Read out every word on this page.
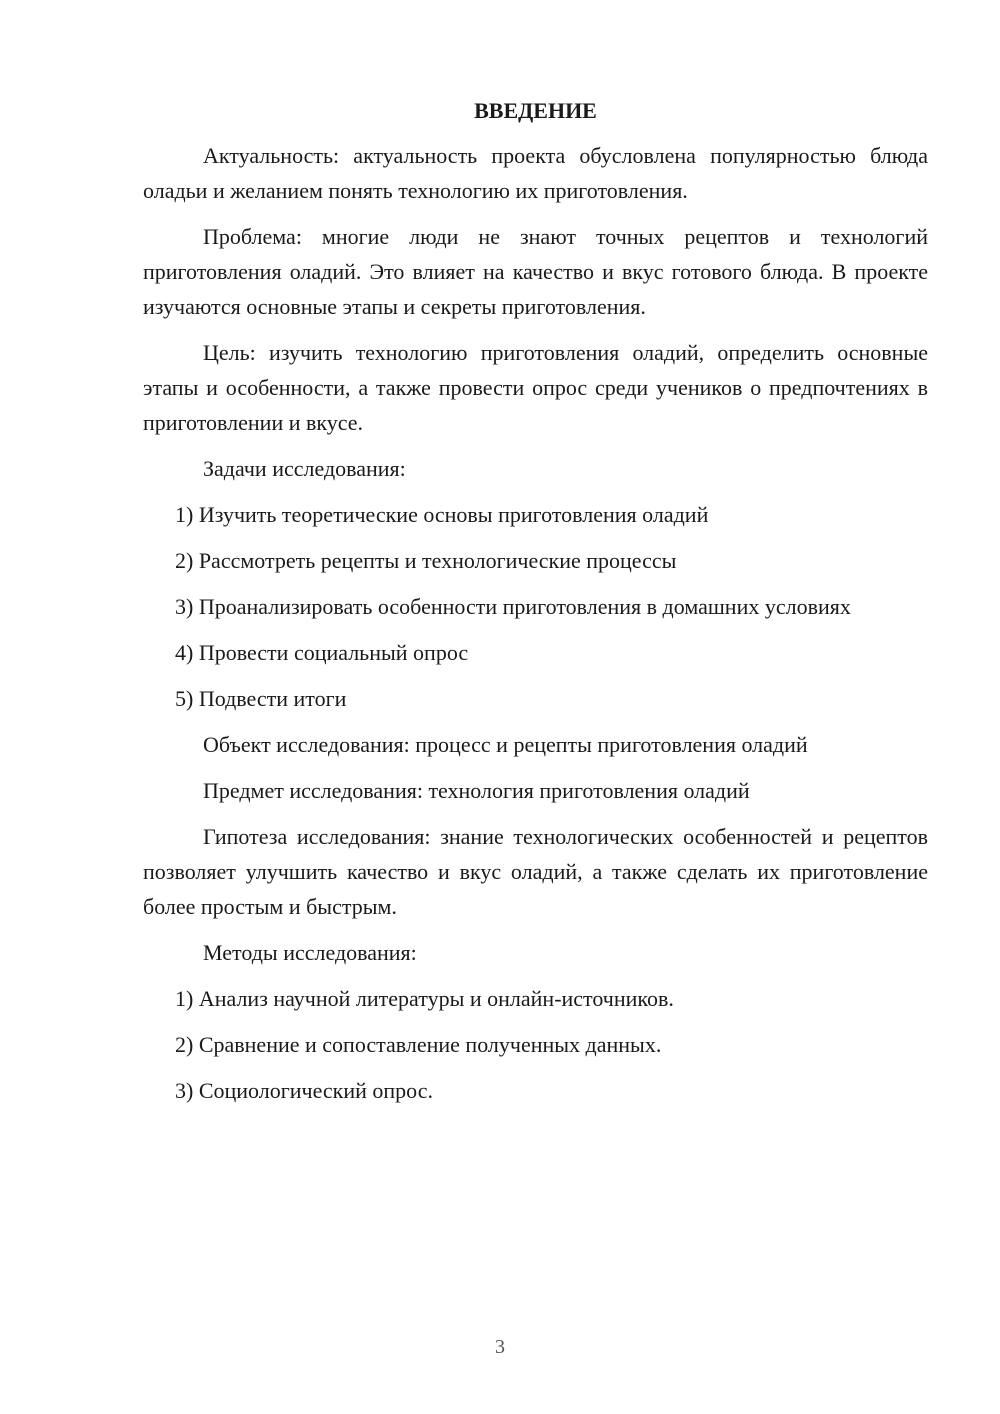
ВВЕДЕНИЕ

Актуальность: актуальность проекта обусловлена популярностью блюда оладьи и желанием понять технологию их приготовления.

Проблема: многие люди не знают точных рецептов и технологий приготовления оладий. Это влияет на качество и вкус готового блюда. В проекте изучаются основные этапы и секреты приготовления.

Цель: изучить технологию приготовления оладий, определить основные этапы и особенности, а также провести опрос среди учеников о предпочтениях в приготовлении и вкусе.

Задачи исследования:

1) Изучить теоретические основы приготовления оладий

2) Рассмотреть рецепты и технологические процессы

3) Проанализировать особенности приготовления в домашних условиях

4) Провести социальный опрос

5) Подвести итоги

Объект исследования: процесс и рецепты приготовления оладий

Предмет исследования: технология приготовления оладий

Гипотеза исследования: знание технологических особенностей и рецептов позволяет улучшить качество и вкус оладий, а также сделать их приготовление более простым и быстрым.

Методы исследования:

1) Анализ научной литературы и онлайн-источников.

2) Сравнение и сопоставление полученных данных.

3) Социологический опрос.

3
